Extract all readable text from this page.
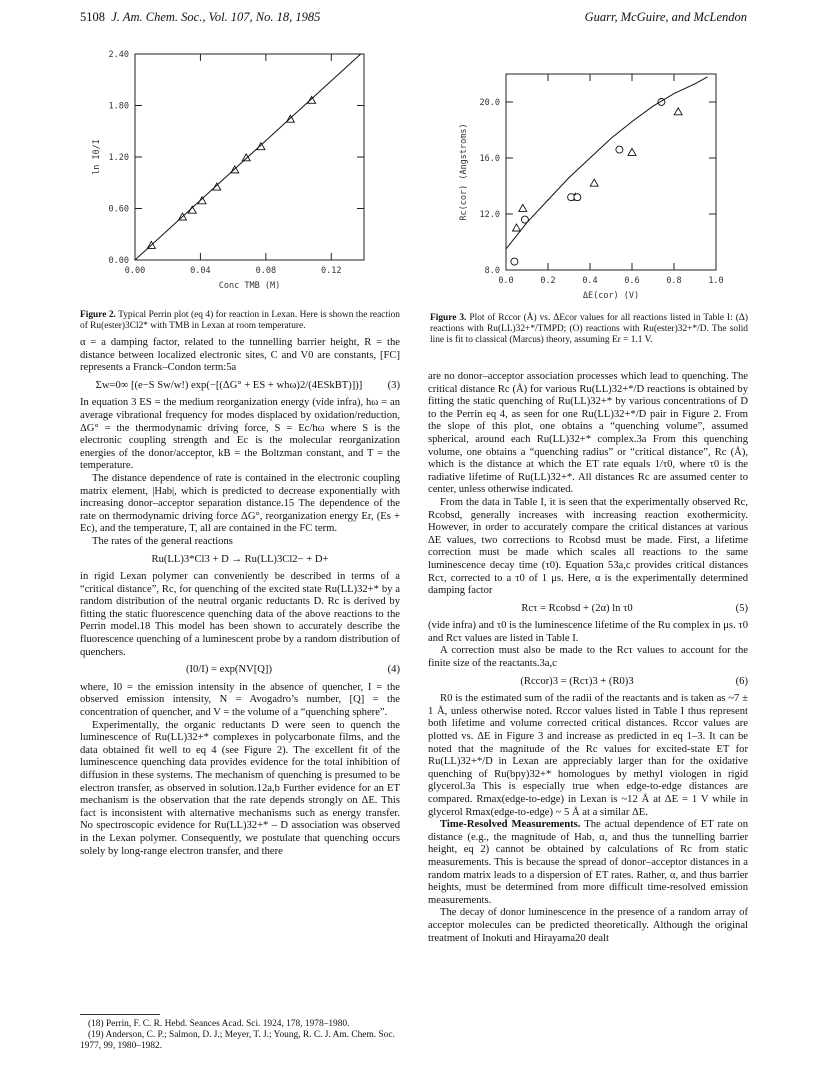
5108 J. Am. Chem. Soc., Vol. 107, No. 18, 1985	Guarr, McGuire, and McLendon
0.00	0.04	0.08	0.12
0.00
0.60
1.20
1.80
2.40
Conc TMB (M)
ln I0/I
0.0	0.2	0.4	0.6	0.8	1.0
8.0
12.0
16.0
20.0
ΔE(cor) (V)
Rc(cor) (Angstroms)
Figure 2. Typical Perrin plot (eq 4) for reaction in Lexan. Here is shown the reaction of Ru(ester)3Cl2* with TMB in Lexan at room temperature.
Figure 3. Plot of Rccor (Å) vs. ΔEcor values for all reactions listed in Table I: (Δ) reactions with Ru(LL)32+*/TMPD; (O) reactions with Ru(ester)32+*/D. The solid line is fit to classical (Marcus) theory, assuming Er = 1.1 V.

α = a damping factor, related to the tunnelling barrier height, R = the distance between localized electronic sites, C and V0 are constants, [FC] represents a Franck–Condon term:5a

Σw=0∞ [(e−S Sw/w!) exp(−[(ΔG° + ES + whω)2/(4ESkBT)])]	(3)

In equation 3 ES = the medium reorganization energy (vide infra), hω = an average vibrational frequency for modes displaced by oxidation/reduction, ΔG° = the thermodynamic driving force, S = Ec/hω where S is the electronic coupling strength and Ec is the molecular reorganization energies of the donor/acceptor, kB = the Boltzman constant, and T = the temperature.

The distance dependence of rate is contained in the electronic coupling matrix element, |Hab|, which is predicted to decrease exponentially with increasing donor–acceptor separation distance.15 The dependence of the rate on thermodynamic driving force ΔG°, reorganization energy Er, (Es + Ec), and the temperature, T, all are contained in the FC term.

The rates of the general reactions

Ru(LL)3*Cl3 + D → Ru(LL)3Cl2− + D+

in rigid Lexan polymer can conveniently be described in terms of a “critical distance”, Rc, for quenching of the excited state Ru(LL)32+* by a random distribution of the neutral organic reductants D. Rc is derived by fitting the static fluorescence quenching data of the above reactions to the Perrin model.18 This model has been shown to accurately describe the fluorescence quenching of a luminescent probe by a random distribution of quenchers.

(I0/I) = exp(NV[Q])	(4)

where, I0 = the emission intensity in the absence of quencher, I = the observed emission intensity, N = Avogadro’s number, [Q] = the concentration of quencher, and V = the volume of a “quenching sphere”.

Experimentally, the organic reductants D were seen to quench the luminescence of Ru(LL)32+* complexes in polycarbonate films, and the data obtained fit well to eq 4 (see Figure 2). The excellent fit of the luminescence quenching data provides evidence for the total inhibition of diffusion in these systems. The mechanism of quenching is presumed to be electron transfer, as observed in solution.12a,b Further evidence for an ET mechanism is the observation that the rate depends strongly on ΔE. This fact is inconsistent with alternative mechanisms such as energy transfer. No spectroscopic evidence for Ru(LL)32+* – D association was observed in the Lexan polymer. Consequently, we postulate that quenching occurs solely by long-range electron transfer, and there

(18) Perrin, F. C. R. Hebd. Seances Acad. Sci. 1924, 178, 1978–1980.
(19) Anderson, C. P.; Salmon, D. J.; Meyer, T. J.; Young, R. C. J. Am. Chem. Soc. 1977, 99, 1980–1982.

are no donor–acceptor association processes which lead to quenching. The critical distance Rc (Å) for various Ru(LL)32+*/D reactions is obtained by fitting the static quenching of Ru(LL)32+* by various concentrations of D to the Perrin eq 4, as seen for one Ru(LL)32+*/D pair in Figure 2. From the slope of this plot, one obtains a “quenching volume”, assumed spherical, around each Ru(LL)32+* complex.3a From this quenching volume, one obtains a “quenching radius” or “critical distance”, Rc (Å), which is the distance at which the ET rate equals 1/τ0, where τ0 is the radiative lifetime of Ru(LL)32+*. All distances Rc are assumed center to center, unless otherwise indicated.

From the data in Table I, it is seen that the experimentally observed Rc, Rcobsd, generally increases with increasing reaction exothermicity. However, in order to accurately compare the critical distances at various ΔE values, two corrections to Rcobsd must be made. First, a lifetime correction must be made which scales all reactions to the same luminescence decay time (τ0). Equation 53a,c provides critical distances Rcτ, corrected to a τ0 of 1 μs. Here, α is the experimentally determined damping factor

Rcτ = Rcobsd + (2α) ln τ0	(5)

(vide infra) and τ0 is the luminescence lifetime of the Ru complex in μs. τ0 and Rcτ values are listed in Table I.

A correction must also be made to the Rcτ values to account for the finite size of the reactants.3a,c

(Rccor)3 = (Rcτ)3 + (R0)3	(6)

R0 is the estimated sum of the radii of the reactants and is taken as ~7 ± 1 Å, unless otherwise noted. Rccor values listed in Table I thus represent both lifetime and volume corrected critical distances. Rccor values are plotted vs. ΔE in Figure 3 and increase as predicted in eq 1–3. It can be noted that the magnitude of the Rc values for excited-state ET for Ru(LL)32+*/D in Lexan are appreciably larger than for the oxidative quenching of Ru(bpy)32+* homologues by methyl viologen in rigid glycerol.3a This is especially true when edge-to-edge distances are compared. Rmax(edge-to-edge) in Lexan is ~12 Å at ΔE = 1 V while in glycerol Rmax(edge-to-edge) ~ 5 Å at a similar ΔE.

Time-Resolved Measurements. The actual dependence of ET rate on distance (e.g., the magnitude of Hab, α, and thus the tunnelling barrier height, eq 2) cannot be obtained by calculations of Rc from static measurements. This is because the spread of donor–acceptor distances in a random matrix leads to a dispersion of ET rates. Rather, α, and thus barrier heights, must be determined from more difficult time-resolved emission measurements.

The decay of donor luminescence in the presence of a random array of acceptor molecules can be predicted theoretically. Although the original treatment of Inokuti and Hirayama20 dealt
